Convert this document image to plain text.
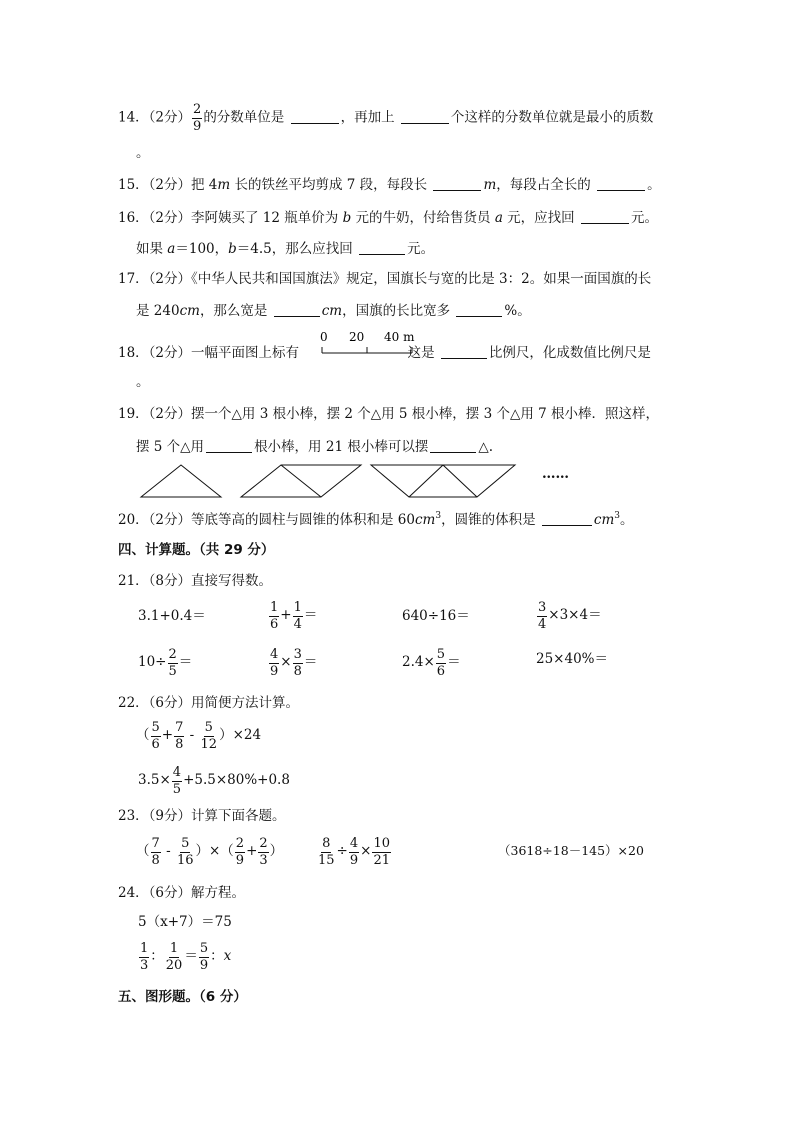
14．（2分） $\frac{2}{9}$ 的分数单位是	，再加上	个这样的分数单位就是最小的质数
。
15．（2分）把 4m 长的铁丝平均剪成 7 段，每段长	m，每段占全长的	。
16．（2分）李阿姨买了 12 瓶单价为 b 元的牛奶，付给售货员 a 元，应找回	元。
如果 a＝100，b＝4.5，那么应找回	元。
17．（2分）《中华人民共和国国旗法》规定，国旗长与宽的比是 3：2。如果一面国旗的长
是 240cm，那么宽是	cm，国旗的长比宽多	%。
18．（2分）一幅平面图上标有	这是	比例尺，化成数值比例尺是
0 20 40 m
。
19．（2分）摆一个△用 3 根小棒，摆 2 个△用 5 根小棒，摆 3 个△用 7 根小棒．照这样，
摆 5 个△用	根小棒，用 21 根小棒可以摆	△.
……
20．（2分）等底等高的圆柱与圆锥的体积和是 $60cm^3$，圆锥的体积是	$cm^3$。
四、计算题。（共 29 分）
21．（8分）直接写得数。
3.1+0.4＝	$\frac{1}{6} + \frac{1}{4}$ ＝	640÷16＝	$\frac{3}{4} \times 3\times 4=$
$10\div \frac{2}{5}$ ＝	$\frac{4}{9} \times \frac{3}{8}$ ＝	$2.4\times \frac{5}{6}$ ＝	25×40%＝
22．（6分）用简便方法计算。
（ $\frac{5}{6} + \frac{7}{8} - \frac{5}{12} )\times 24$
$3.5\times \frac{4}{5} +5.5\times 80\%+0.8$
23．（9分）计算下面各题。
（ $\frac{7}{8} - \frac{5}{16}$ ）×（ $\frac{2}{9} + \frac{2}{3}$ ）	$\frac{8}{15} \div \frac{4}{9} \times \frac{10}{21}$	（3618÷18－145）×20
24．（6分）解方程。
5（x+7）＝75
$\frac{1}{3}$ ： $\frac{1}{20} = \frac{5}{9}$ ：x
五、图形题。（6 分）
